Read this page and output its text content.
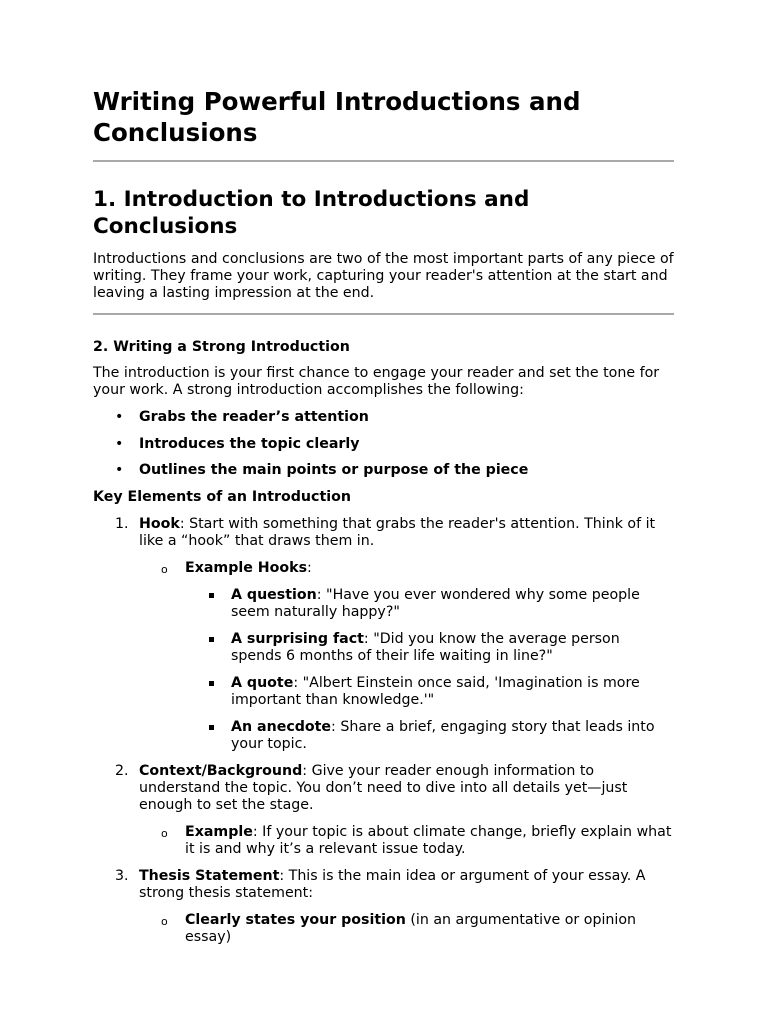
Writing Powerful Introductions and Conclusions
1. Introduction to Introductions and Conclusions

Introductions and conclusions are two of the most important parts of any piece of writing. They frame your work, capturing your reader's attention at the start and leaving a lasting impression at the end.

2. Writing a Strong Introduction

The introduction is your first chance to engage your reader and set the tone for your work. A strong introduction accomplishes the following:

• Grabs the reader’s attention
• Introduces the topic clearly
• Outlines the main points or purpose of the piece

Key Elements of an Introduction

1. Hook: Start with something that grabs the reader's attention. Think of it like a “hook” that draws them in.
o Example Hooks:
A question: "Have you ever wondered why some people seem naturally happy?"
A surprising fact: "Did you know the average person spends 6 months of their life waiting in line?"
A quote: "Albert Einstein once said, 'Imagination is more important than knowledge.'"
An anecdote: Share a brief, engaging story that leads into your topic.
2. Context/Background: Give your reader enough information to understand the topic. You don’t need to dive into all details yet—just enough to set the stage.
o Example: If your topic is about climate change, briefly explain what it is and why it’s a relevant issue today.
3. Thesis Statement: This is the main idea or argument of your essay. A strong thesis statement:
o Clearly states your position (in an argumentative or opinion essay)
